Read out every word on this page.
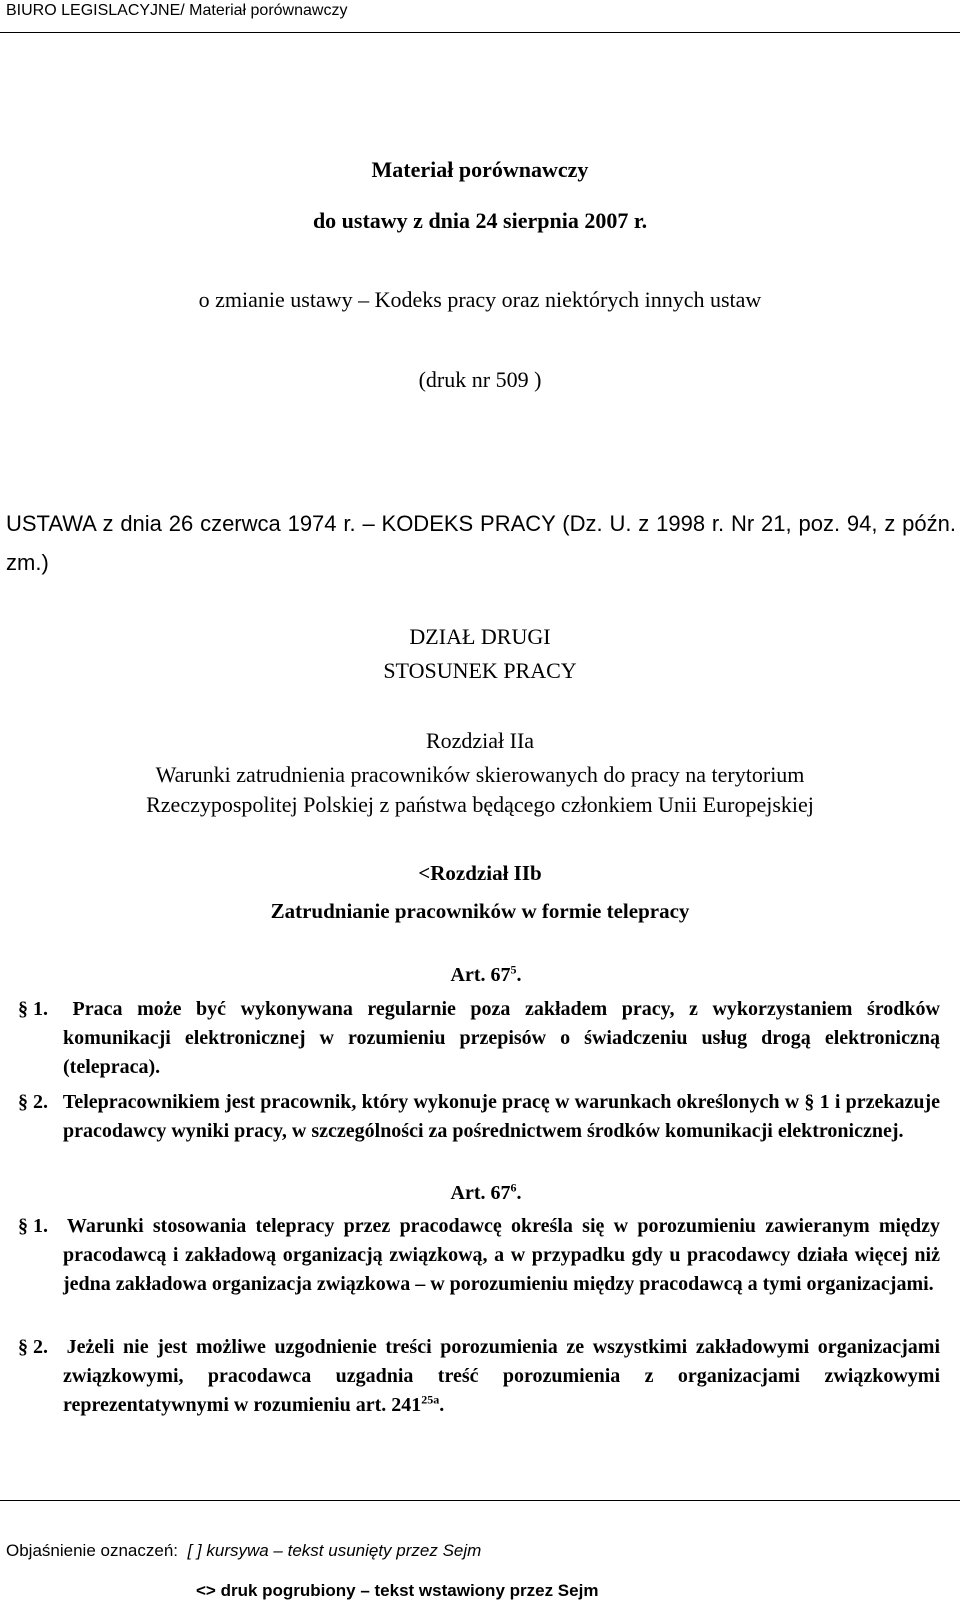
BIURO LEGISLACYJNE/ Materiał porównawczy
Materiał porównawczy
do ustawy z dnia 24 sierpnia 2007 r.
o zmianie ustawy – Kodeks pracy oraz niektórych innych ustaw
(druk nr 509 )
USTAWA z dnia 26 czerwca 1974 r. – KODEKS PRACY (Dz. U. z 1998 r. Nr 21, poz. 94, z późn. zm.)
DZIAŁ DRUGI
STOSUNEK PRACY
Rozdział IIa
Warunki zatrudnienia pracowników skierowanych do pracy na terytorium
Rzeczypospolitej Polskiej z państwa będącego członkiem Unii Europejskiej
<Rozdział IIb
Zatrudnianie pracowników w formie telepracy
Art. $67^5$.
§ 1. Praca może być wykonywana regularnie poza zakładem pracy, z wykorzystaniem środków komunikacji elektronicznej w rozumieniu przepisów o świadczeniu usług drogą elektroniczną (telepraca).
§ 2. Telepracownikiem jest pracownik, który wykonuje pracę w warunkach określonych w § 1 i przekazuje pracodawcy wyniki pracy, w szczególności za pośrednictwem środków komunikacji elektronicznej.
Art. $67^6$.
§ 1. Warunki stosowania telepracy przez pracodawcę określa się w porozumieniu zawieranym między pracodawcą i zakładową organizacją związkową, a w przypadku gdy u pracodawcy działa więcej niż jedna zakładowa organizacja związkowa – w porozumieniu między pracodawcą a tymi organizacjami.
§ 2. Jeżeli nie jest możliwe uzgodnienie treści porozumienia ze wszystkimi zakładowymi organizacjami związkowymi, pracodawca uzgadnia treść porozumienia z organizacjami związkowymi reprezentatywnymi w rozumieniu art. $241^{25a}$.
Objaśnienie oznaczeń: [ ] kursywa – tekst usunięty przez Sejm
<> druk pogrubiony – tekst wstawiony przez Sejm
